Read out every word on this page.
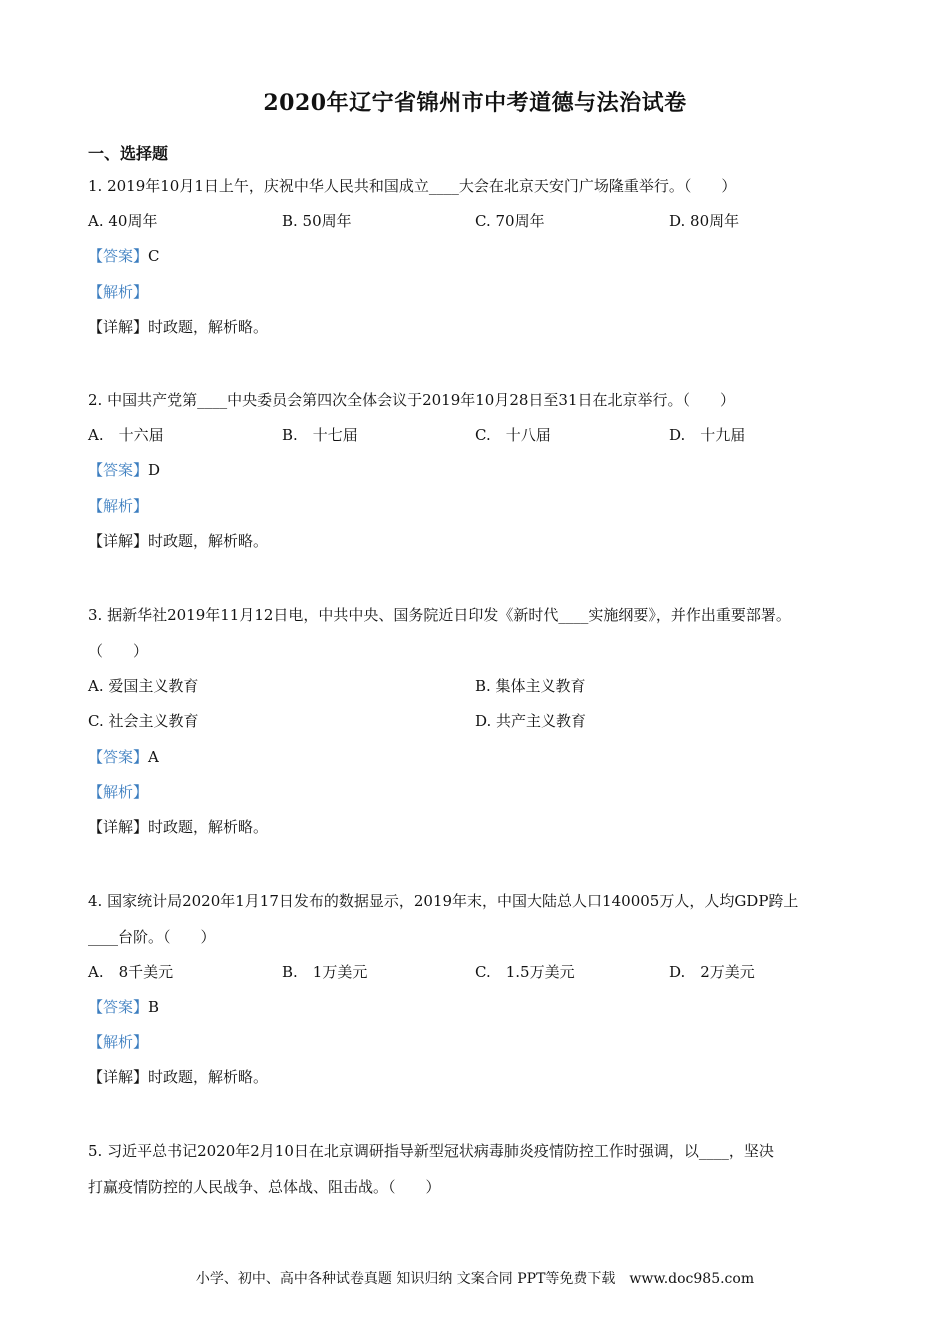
2020年辽宁省锦州市中考道德与法治试卷
一、选择题
1. 2019年10月1日上午，庆祝中华人民共和国成立____大会在北京天安门广场隆重举行。（　　）
A. 40周年	B. 50周年	C. 70周年	D. 80周年
【答案】C
【解析】
【详解】时政题，解析略。
2. 中国共产党第____中央委员会第四次全体会议于2019年10月28日至31日在北京举行。（　　）
A.　十六届	B.　十七届	C.　十八届	D.　十九届
【答案】D
【解析】
【详解】时政题，解析略。
3. 据新华社2019年11月12日电，中共中央、国务院近日印发《新时代____实施纲要》，并作出重要部署。
（　　）
A. 爱国主义教育	B. 集体主义教育
C. 社会主义教育	D. 共产主义教育
【答案】A
【解析】
【详解】时政题，解析略。
4. 国家统计局2020年1月17日发布的数据显示，2019年末，中国大陆总人口140005万人，人均GDP跨上
____台阶。（　　）
A.　8千美元	B.　1万美元	C.　1.5万美元	D.　2万美元
【答案】B
【解析】
【详解】时政题，解析略。
5. 习近平总书记2020年2月10日在北京调研指导新型冠状病毒肺炎疫情防控工作时强调，以____，坚决
打赢疫情防控的人民战争、总体战、阻击战。（　　）
小学、初中、高中各种试卷真题 知识归纳 文案合同 PPT等免费下载　www.doc985.com
